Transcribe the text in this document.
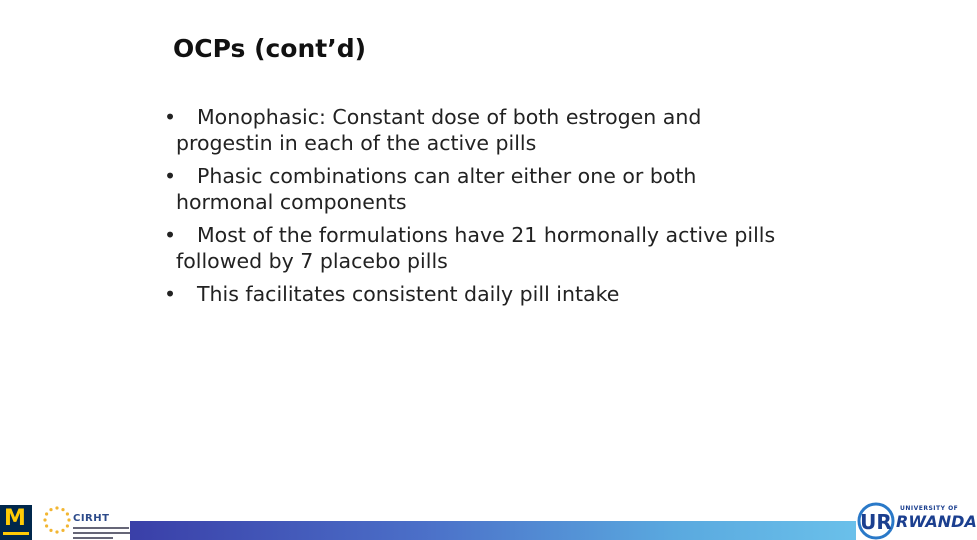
OCPs (cont’d)
• Monophasic: Constant dose of both estrogen and
progestin in each of the active pills
• Phasic combinations can alter either one or both
hormonal components
• Most of the formulations have 21 hormonally active pills
followed by 7 placebo pills
• This facilitates consistent daily pill intake
M	CIRHT	UR
UNIVERSITY OF
RWANDA
